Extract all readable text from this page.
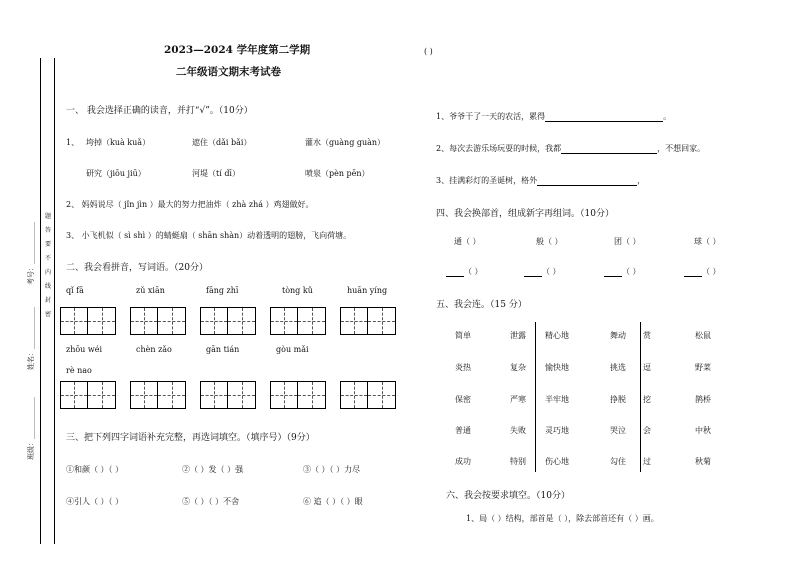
题
答
要
不
内
线
封
密
考号：____________
姓名：____________
班级：____________
2023—2024 学年度第二学期
二年级语文期末考试卷
( )
一、 我会选择正确的读音，并打“√”。（10分）
1、 垮掉（kuà kuǎ）	遮住（dǎi bǎi）	灌水（guàng guàn）
研究（jiōu jiū）	河堤（tí dī）	喷泉（pèn pēn）
2、 妈妈说尽（ jǐn jìn ）最大的努力把油炸（ zhà zhá ）鸡翅做好。
3、 小飞机似（ sì shì ）的蜻蜓扇（ shān shàn）动着透明的翅膀，飞向荷塘。
二、我会看拼音，写词语。（20分）
qǐ fā	zǔ xiān	fāng zhī	tòng kǔ	huān yíng
zhōu wéi	chèn zǎo	gān tián	gòu mǎi
rè nao
三、把下列四字词语补充完整，再选词填空。（填序号）（9分）
①和颜（ ）（ ）	②（ ）发（ ）强	③（ ）（ ）力尽
④引人（ ）（ ）	⑤（ ）（ ）不舍	⑥ 追（ ）（ ）眼
1、爷爷干了一天的农活，累得	。
2、每次去游乐场玩耍的时候，我都	，不想回家。
3、挂满彩灯的圣诞树，格外	，
四、我会换部首，组成新字再组词。（10分）
通（ ）	般（ ）	团（ ）	球（ ）
（ ）	（ ）	（ ）	（ ）
五、我会连。（15 分）
简单	泄露 精心地	舞动 赏	松鼠
炎热	复杂 愉快地	挑选 逗	野菜
保密	严寒 半牢地	挣脱 挖	鹊桥
普通	失败 灵巧地	哭泣 会	中秋
成功	特别 伤心地	勾住 过	秋菊
六、我会按要求填空。（10分）
1、局（ ）结构，部首是（ ），除去部首还有（ ）画。
